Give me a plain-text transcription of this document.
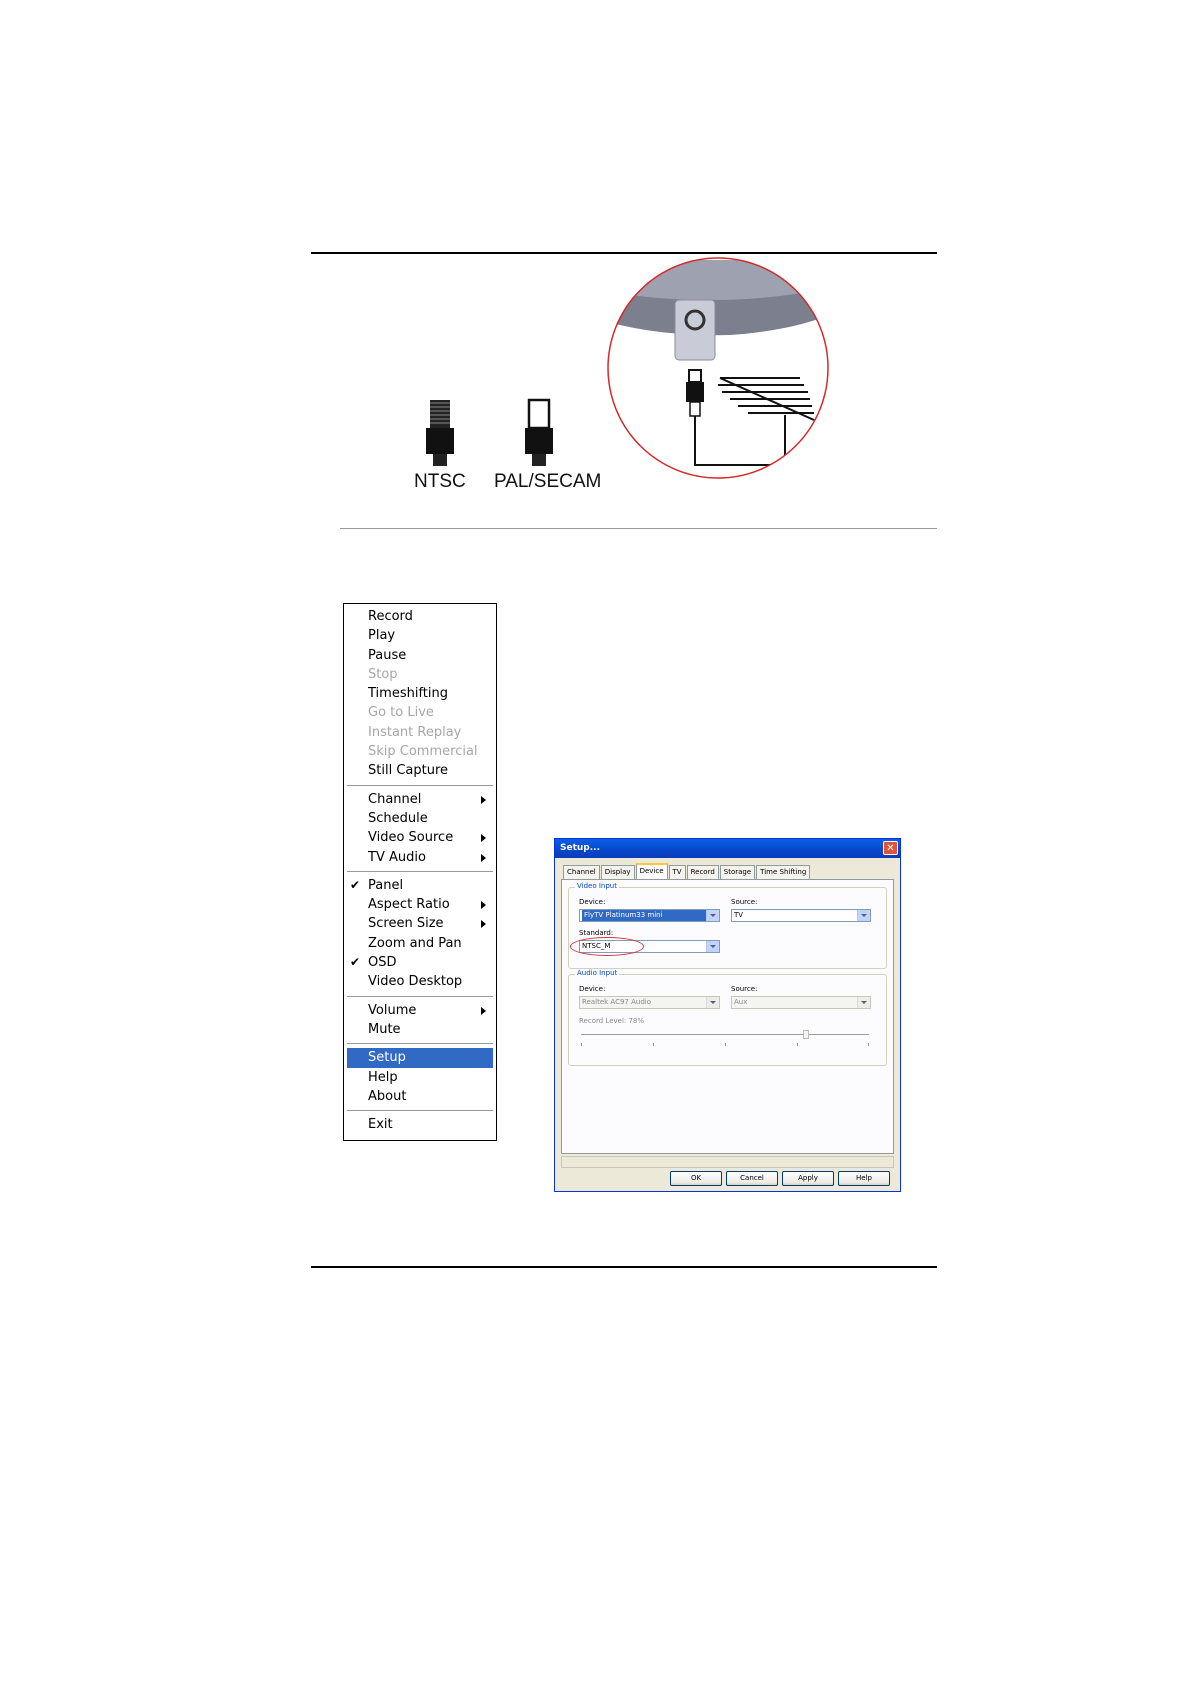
NTSC PAL/SECAM
Record
Play
Pause
Stop
Timeshifting
Go to Live
Instant Replay
Skip Commercial
Still Capture
Channel
Schedule
Video Source
TV Audio
✔ Panel
Aspect Ratio
Screen Size
Zoom and Pan
✔ OSD
Video Desktop
Volume
Mute
Setup
Help
About
Exit
Setup...	✕
Channel	Display	Device	TV	Record	Storage	Time Shifting
Video Input
Device:
FlyTV Platinum33 mini
Source:
TV
Standard:
NTSC_M
Audio Input
Device:
Realtek AC97 Audio
Source:
Aux
Record Level: 78%
OK	Cancel	Apply	Help
